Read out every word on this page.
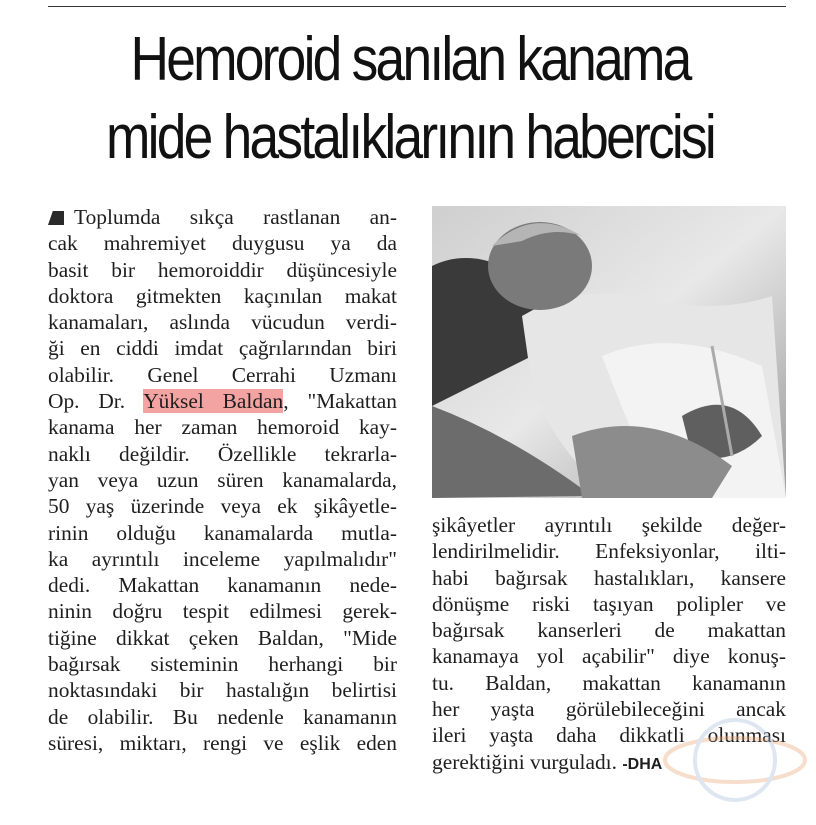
Hemoroid sanılan kanama
mide hastalıklarının habercisi
Toplumda sıkça rastlanan an-
cak mahremiyet duygusu ya da
basit bir hemoroiddir düşüncesiyle
doktora gitmekten kaçınılan makat
kanamaları, aslında vücudun verdi-
ği en ciddi imdat çağrılarından biri
olabilir. Genel Cerrahi Uzmanı
Op. Dr. Yüksel Baldan, "Makattan
kanama her zaman hemoroid kay-
naklı değildir. Özellikle tekrarla-
yan veya uzun süren kanamalarda,
50 yaş üzerinde veya ek şikâyetle-
rinin olduğu kanamalarda mutla-
ka ayrıntılı inceleme yapılmalıdır"
dedi. Makattan kanamanın nede-
ninin doğru tespit edilmesi gerek-
tiğine dikkat çeken Baldan, "Mide
bağırsak sisteminin herhangi bir
noktasındaki bir hastalığın belirtisi
de olabilir. Bu nedenle kanamanın
süresi, miktarı, rengi ve eşlik eden
şikâyetler ayrıntılı şekilde değer-
lendirilmelidir. Enfeksiyonlar, ilti-
habi bağırsak hastalıkları, kansere
dönüşme riski taşıyan polipler ve
bağırsak kanserleri de makattan
kanamaya yol açabilir" diye konuş-
tu. Baldan, makattan kanamanın
her yaşta görülebileceğini ancak
ileri yaşta daha dikkatli olunması
gerektiğini vurguladı. -DHA
